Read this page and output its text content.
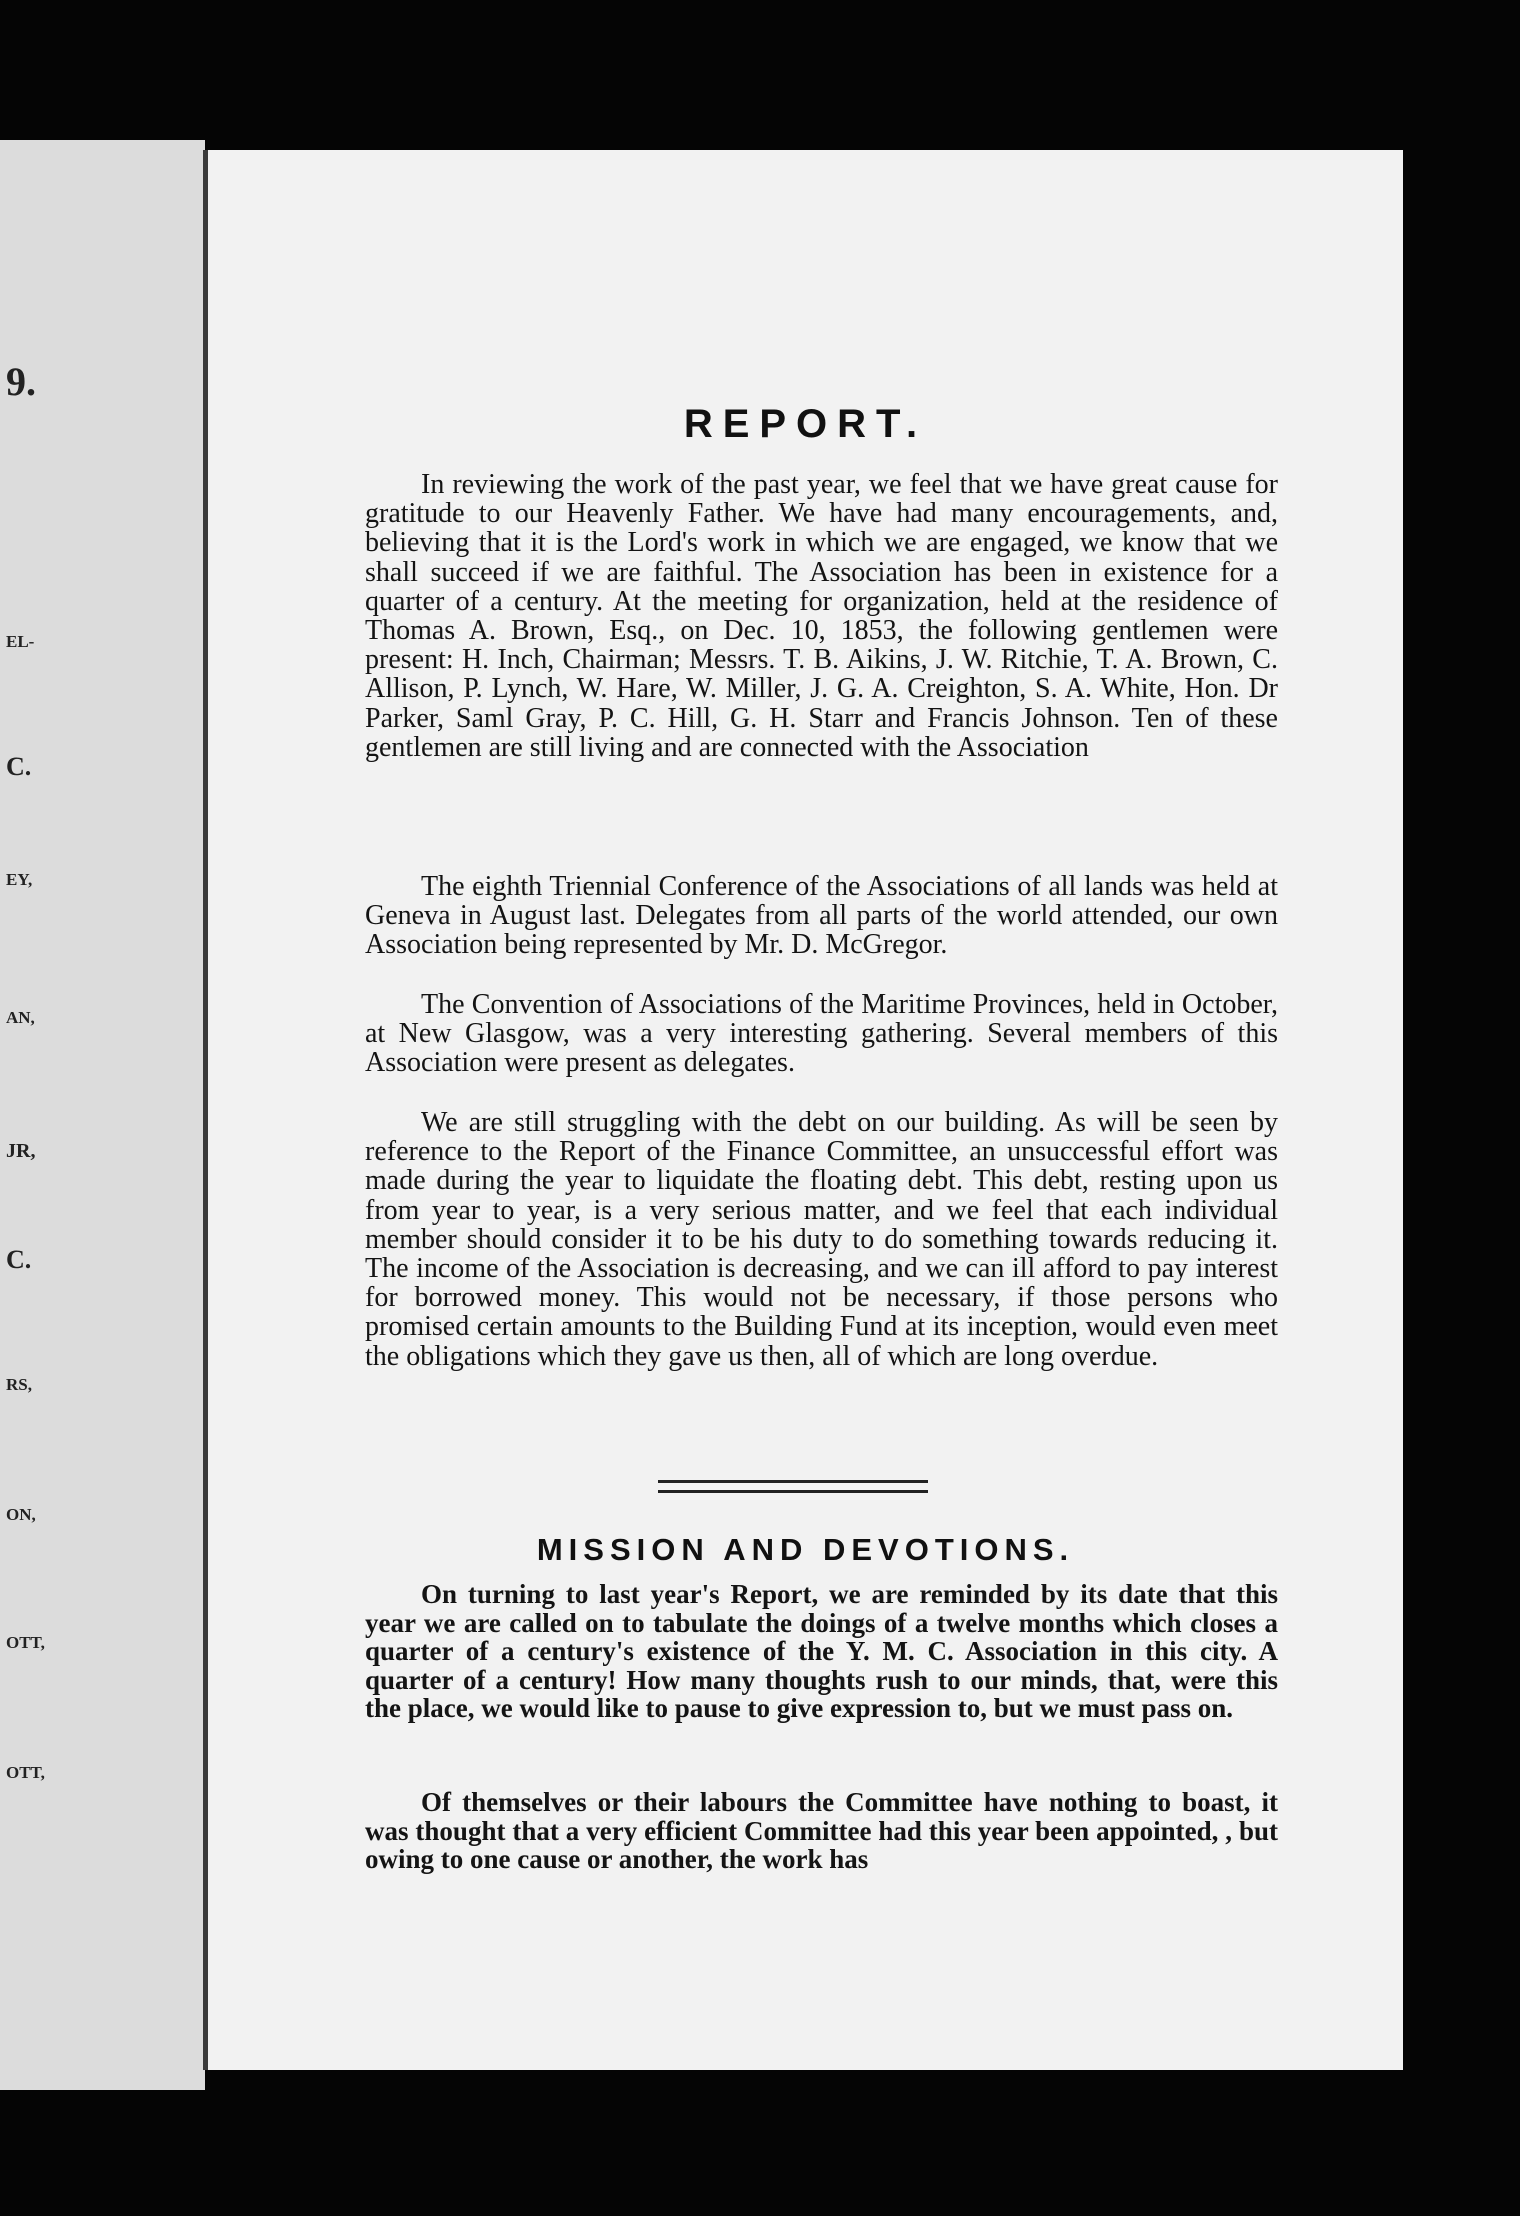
9.
EL-
C.
EY,
AN,
JR,
C.
RS,
ON,
OTT,
OTT,
REPORT.

In reviewing the work of the past year, we feel that we have great cause for gratitude to our Heavenly Father. We have had many encouragements, and, believing that it is the Lord's work in which we are engaged, we know that we shall succeed if we are faithful. The Association has been in existence for a quarter of a century. At the meeting for organization, held at the residence of Thomas A. Brown, Esq., on Dec. 10, 1853, the following gentlemen were present: H. Inch, Chairman; Messrs. T. B. Aikins, J. W. Ritchie, T. A. Brown, C. Allison, P. Lynch, W. Hare, W. Miller, J. G. A. Creighton, S. A. White, Hon. Dr Parker, Saml Gray, P. C. Hill, G. H. Starr and Francis Johnson. Ten of these gentlemen are still living and are connected with the Association

The eighth Triennial Conference of the Associations of all lands was held at Geneva in August last. Delegates from all parts of the world attended, our own Association being represented by Mr. D. McGregor.

The Convention of Associations of the Maritime Provinces, held in October, at New Glasgow, was a very interesting gathering. Several members of this Association were present as delegates.

We are still struggling with the debt on our building. As will be seen by reference to the Report of the Finance Committee, an unsuccessful effort was made during the year to liquidate the floating debt. This debt, resting upon us from year to year, is a very serious matter, and we feel that each individual member should consider it to be his duty to do something towards reducing it. The income of the Association is decreasing, and we can ill afford to pay interest for borrowed money. This would not be necessary, if those persons who promised certain amounts to the Building Fund at its inception, would even meet the obligations which they gave us then, all of which are long overdue.

MISSION AND DEVOTIONS.

On turning to last year's Report, we are reminded by its date that this year we are called on to tabulate the doings of a twelve months which closes a quarter of a century's existence of the Y. M. C. Association in this city. A quarter of a century! How many thoughts rush to our minds, that, were this the place, we would like to pause to give expression to, but we must pass on.

Of themselves or their labours the Committee have nothing to boast, it was thought that a very efficient Committee had this year been appointed, , but owing to one cause or another, the work has
